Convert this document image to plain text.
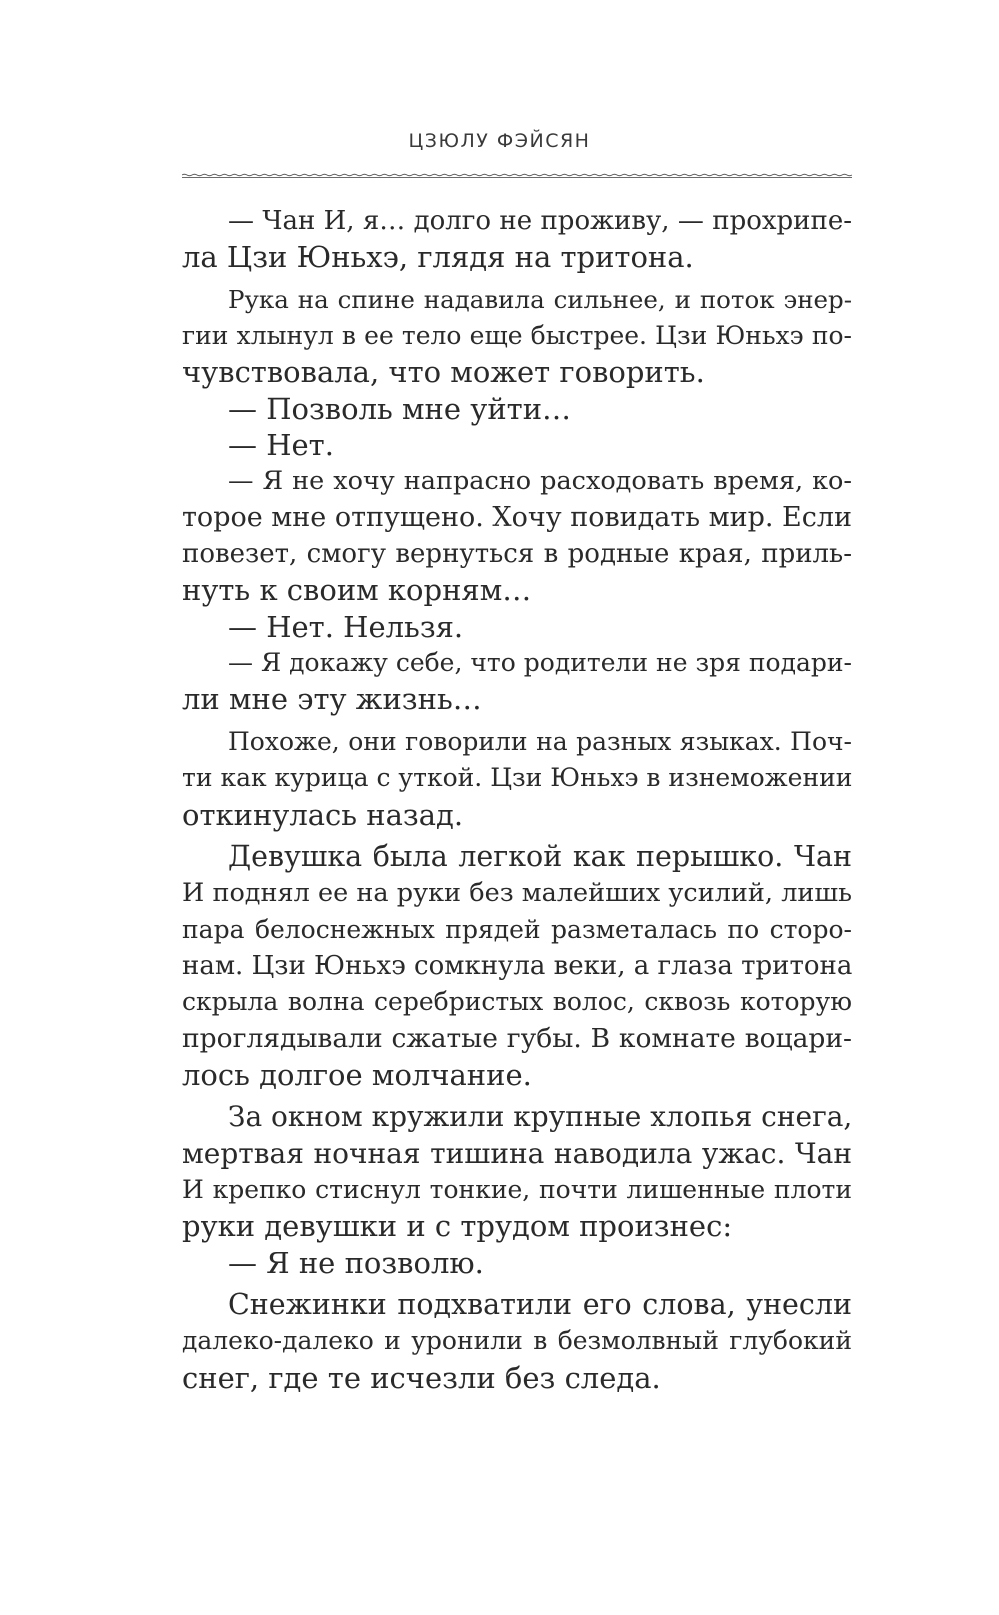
ЦЗЮЛУ ФЭЙСЯН
— Чан И, я… долго не проживу, — прохрипе-
ла Цзи Юньхэ, глядя на тритона.
Рука на спине надавила сильнее, и поток энер-
гии хлынул в ее тело еще быстрее. Цзи Юньхэ по-
чувствовала, что может говорить.
— Позволь мне уйти…
— Нет.
— Я не хочу напрасно расходовать время, ко-
торое мне отпущено. Хочу повидать мир. Если
повезет, смогу вернуться в родные края, приль-
нуть к своим корням…
— Нет. Нельзя.
— Я докажу себе, что родители не зря подари-
ли мне эту жизнь…
Похоже, они говорили на разных языках. Поч-
ти как курица с уткой. Цзи Юньхэ в изнеможении
откинулась назад.
Девушка была легкой как перышко. Чан
И поднял ее на руки без малейших усилий, лишь
пара белоснежных прядей разметалась по сторо-
нам. Цзи Юньхэ сомкнула веки, а глаза тритона
скрыла волна серебристых волос, сквозь которую
проглядывали сжатые губы. В комнате воцари-
лось долгое молчание.
За окном кружили крупные хлопья снега,
мертвая ночная тишина наводила ужас. Чан
И крепко стиснул тонкие, почти лишенные плоти
руки девушки и с трудом произнес:
— Я не позволю.
Снежинки подхватили его слова, унесли
далеко-далеко и уронили в безмолвный глубокий
снег, где те исчезли без следа.
